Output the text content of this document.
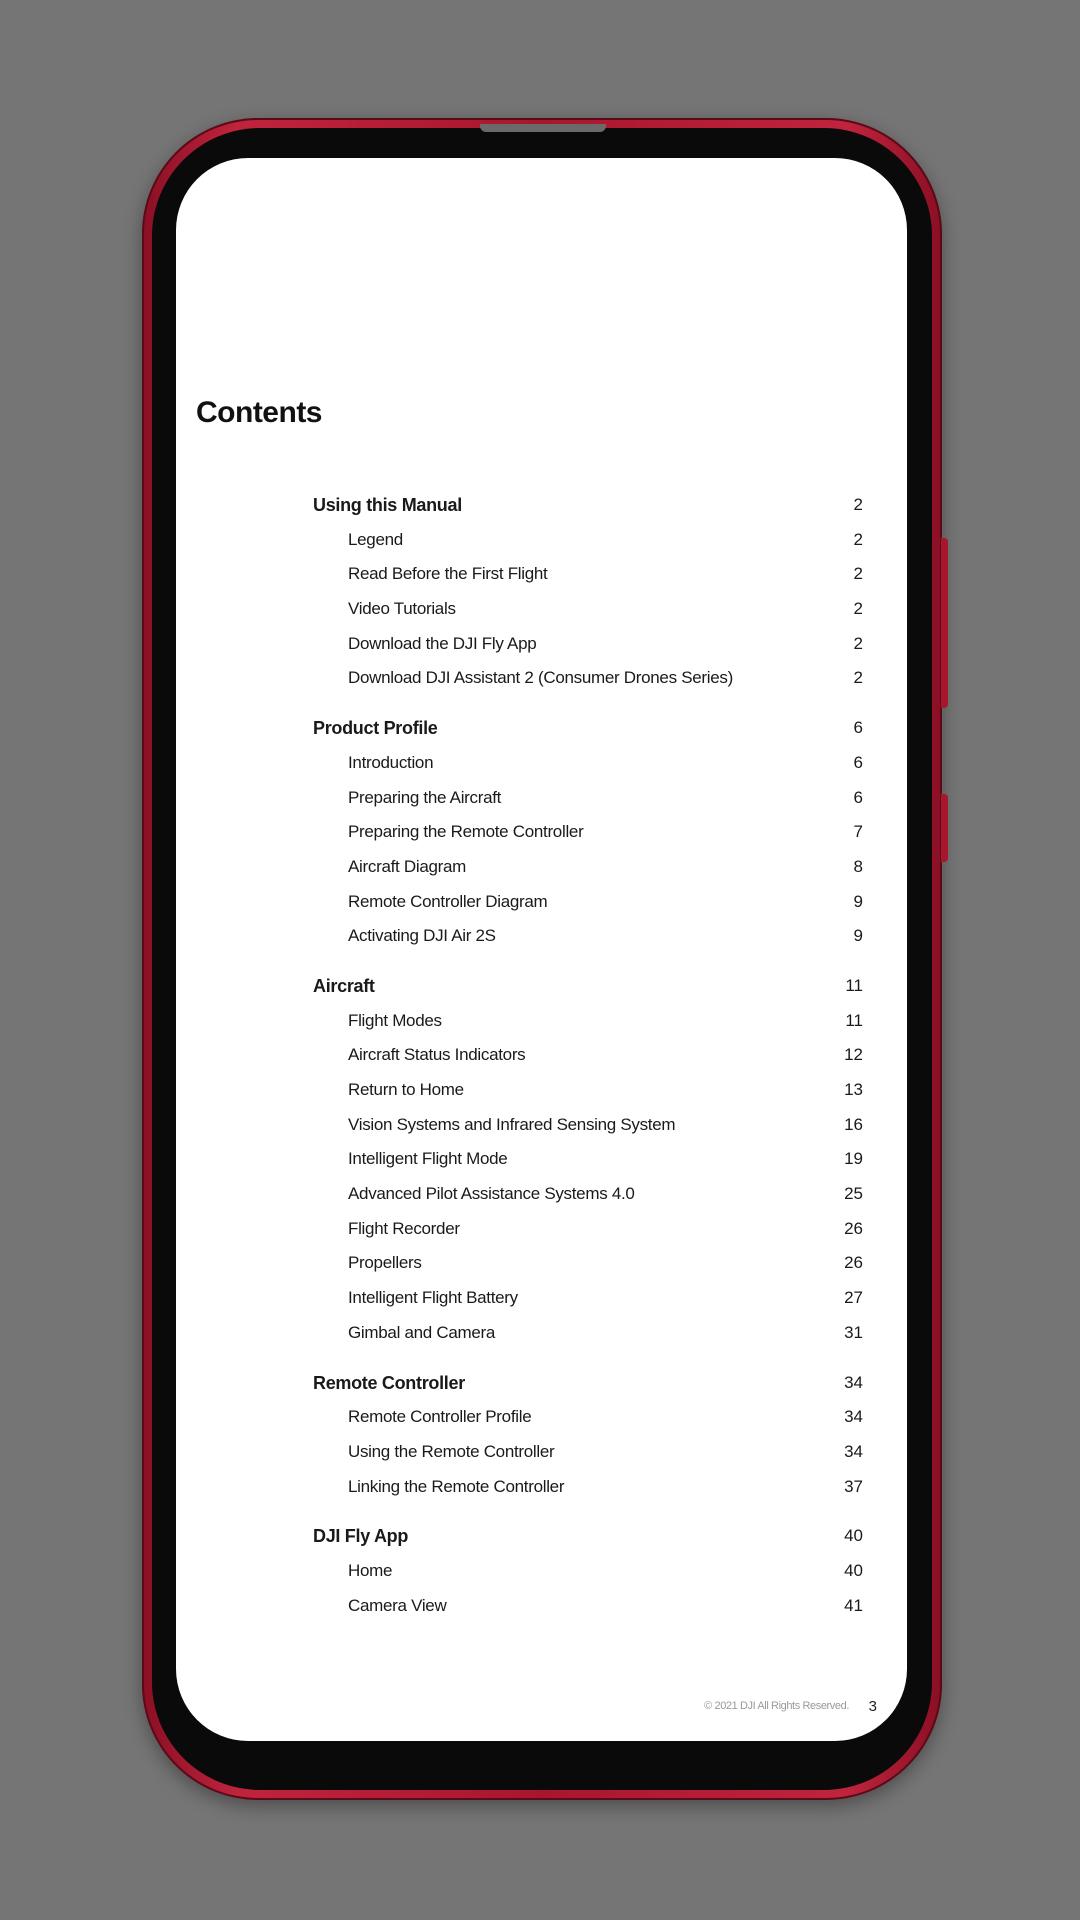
Contents
Using this Manual	2
Legend	2
Read Before the First Flight	2
Video Tutorials	2
Download the DJI Fly App	2
Download DJI Assistant 2 (Consumer Drones Series)	2
Product Profile	6
Introduction	6
Preparing the Aircraft	6
Preparing the Remote Controller	7
Aircraft Diagram	8
Remote Controller Diagram	9
Activating DJI Air 2S	9
Aircraft	11
Flight Modes	11
Aircraft Status Indicators	12
Return to Home	13
Vision Systems and Infrared Sensing System	16
Intelligent Flight Mode	19
Advanced Pilot Assistance Systems 4.0	25
Flight Recorder	26
Propellers	26
Intelligent Flight Battery	27
Gimbal and Camera	31
Remote Controller	34
Remote Controller Profile	34
Using the Remote Controller	34
Linking the Remote Controller	37
DJI Fly App	40
Home	40
Camera View	41
© 2021 DJI All Rights Reserved. 3
